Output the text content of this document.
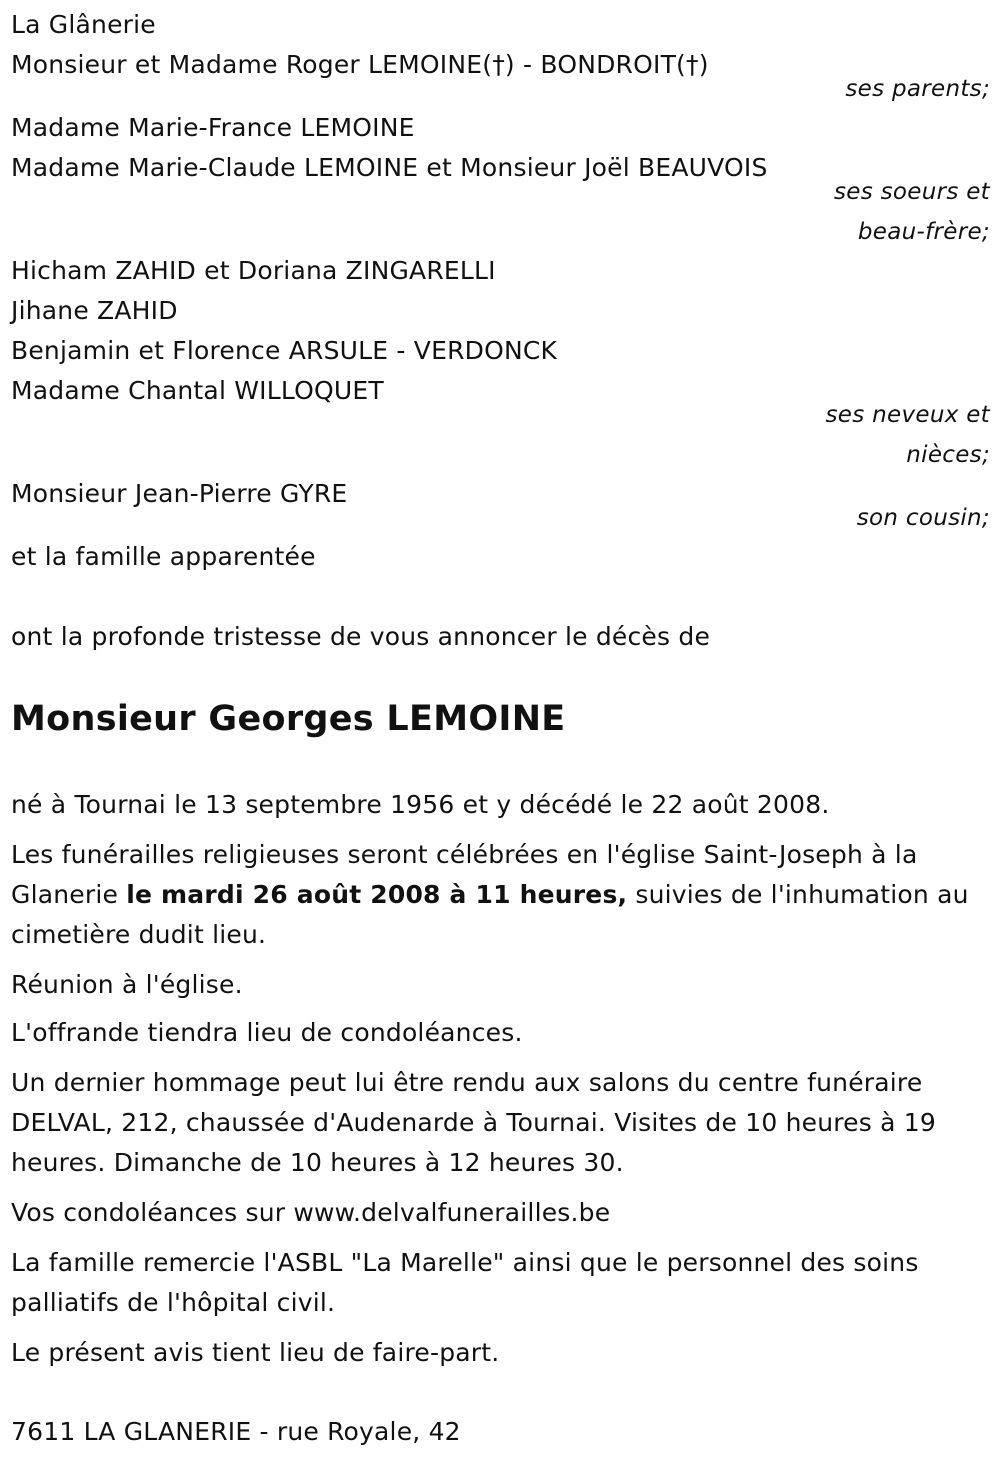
La Glânerie
Monsieur et Madame Roger LEMOINE(†) - BONDROIT(†)
ses parents;
Madame Marie-France LEMOINE
Madame Marie-Claude LEMOINE et Monsieur Joël BEAUVOIS
ses soeurs et
beau-frère;
Hicham ZAHID et Doriana ZINGARELLI
Jihane ZAHID
Benjamin et Florence ARSULE - VERDONCK
Madame Chantal WILLOQUET
ses neveux et
nièces;
Monsieur Jean-Pierre GYRE
son cousin;
et la famille apparentée
ont la profonde tristesse de vous annoncer le décès de
Monsieur Georges LEMOINE
né à Tournai le 13 septembre 1956 et y décédé le 22 août 2008.
Les funérailles religieuses seront célébrées en l'église Saint-Joseph à la Glanerie le mardi 26 août 2008 à 11 heures, suivies de l'inhumation au cimetière dudit lieu.
Réunion à l'église.
L'offrande tiendra lieu de condoléances.
Un dernier hommage peut lui être rendu aux salons du centre funéraire DELVAL, 212, chaussée d'Audenarde à Tournai. Visites de 10 heures à 19 heures. Dimanche de 10 heures à 12 heures 30.
Vos condoléances sur www.delvalfunerailles.be
La famille remercie l'ASBL "La Marelle" ainsi que le personnel des soins palliatifs de l'hôpital civil.
Le présent avis tient lieu de faire-part.
7611 LA GLANERIE - rue Royale, 42
